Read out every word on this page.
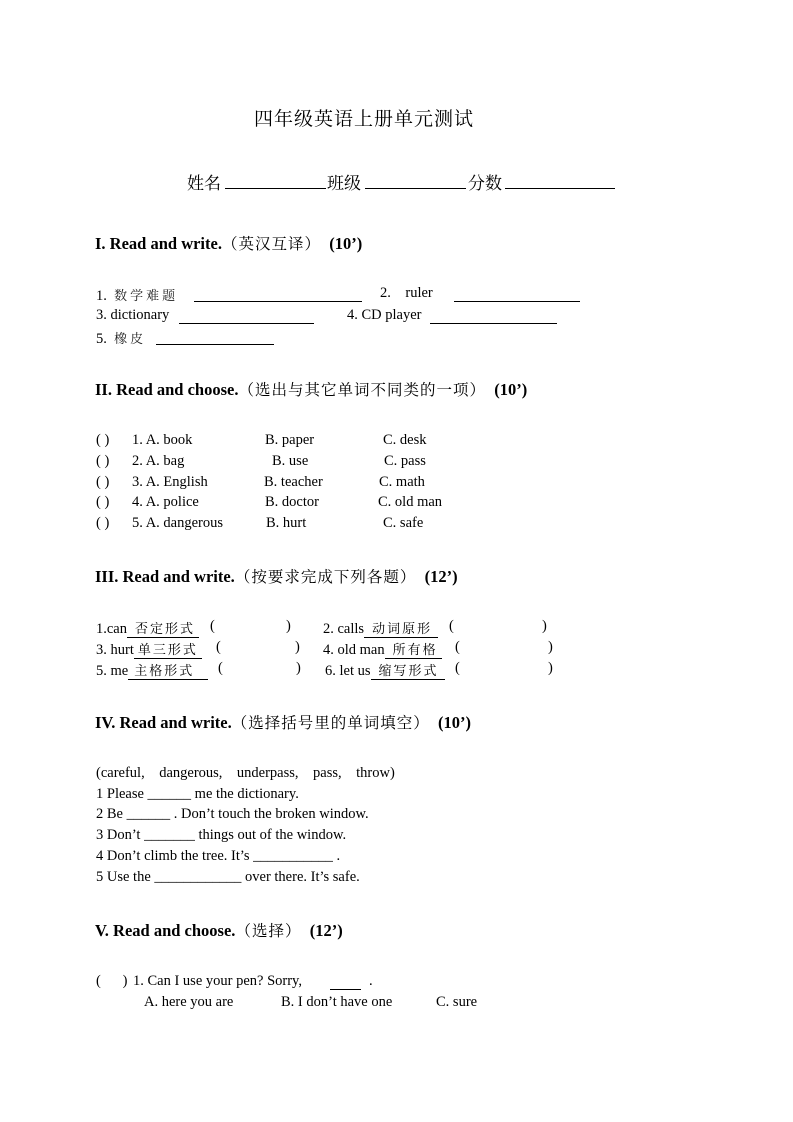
四年级英语上册单元测试
姓名	班级	分数
I. Read and write.（英汉互译） (10’)
1. 数学难题	2. ruler
3. dictionary	4. CD player
5. 橡皮
II. Read and choose.（选出与其它单词不同类的一项） (10’)
( ) 1. A. book	B. paper	C. desk
( ) 2. A. bag	B. use	C. pass
( ) 3. A. English	B. teacher	C. math
( ) 4. A. police	B. doctor	C. old man
( ) 5. A. dangerous	B. hurt	C. safe
III. Read and write.（按要求完成下列各题） (12’)
1.can 否定形式 (	) 2. calls 动词原形	(	)
3. hurt 单三形式 (	) 4. old man 所有格 (	)
5. me 主格形式	(	) 6. let us 缩写形式	(	)
IV. Read and write.（选择括号里的单词填空） (10’)
(careful,    dangerous,    underpass,    pass,    throw)
1 Please ______ me the dictionary.
2 Be ______ . Don’t touch the broken window.
3 Don’t _______ things out of the window.
4 Don’t climb the tree. It’s ___________ .
5 Use the ____________ over there. It’s safe.
V. Read and choose.（选择） (12’)
(      ) 1. Can I use your pen? Sorry,	.
A. here you are	B. I don’t have one	C. sure
